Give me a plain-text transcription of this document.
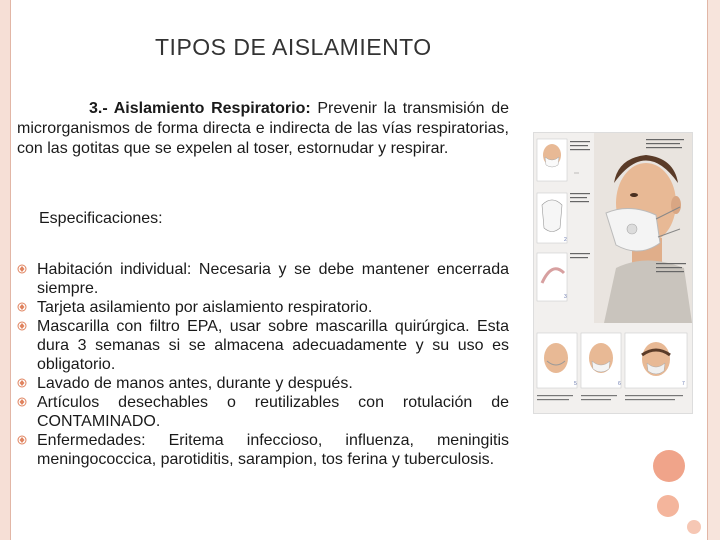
TIPOS DE AISLAMIENTO
3.- Aislamiento Respiratorio: Prevenir la transmisión de microrganismos de forma directa e indirecta de las vías respiratorias, con las gotitas que se expelen al toser, estornudar y respirar.
Especificaciones:
Habitación individual: Necesaria y se debe mantener encerrada siempre.
Tarjeta asilamiento por aislamiento respiratorio.
Mascarilla con filtro EPA, usar sobre mascarilla quirúrgica. Esta dura 3 semanas si se almacena adecuadamente y su uso es obligatorio.
Lavado de manos antes, durante y después.
Artículos desechables o reutilizables con rotulación de CONTAMINADO.
Enfermedades: Eritema infeccioso, influenza, meningitis meningococcica, parotiditis, sarampion, tos ferina y tuberculosis.
2
3
5	6	7
